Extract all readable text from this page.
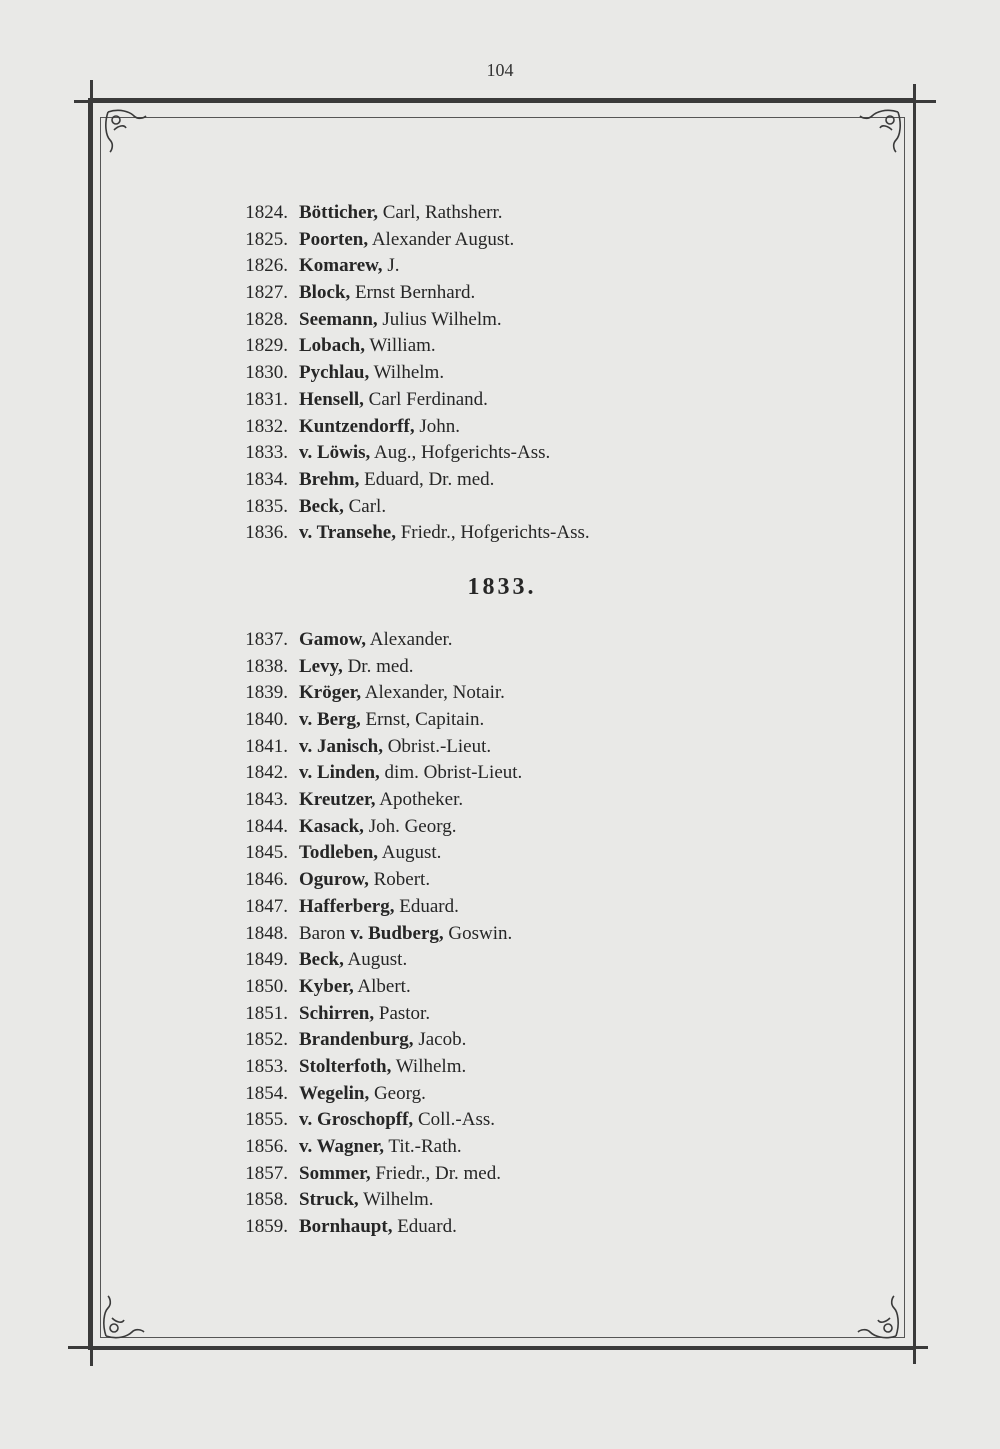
104
1824. Bötticher, Carl, Rathsherr.
1825. Poorten, Alexander August.
1826. Komarew, J.
1827. Block, Ernst Bernhard.
1828. Seemann, Julius Wilhelm.
1829. Lobach, William.
1830. Pychlau, Wilhelm.
1831. Hensell, Carl Ferdinand.
1832. Kuntzendorff, John.
1833. v. Löwis, Aug., Hofgerichts-Ass.
1834. Brehm, Eduard, Dr. med.
1835. Beck, Carl.
1836. v. Transehe, Friedr., Hofgerichts-Ass.
1833.
1837. Gamow, Alexander.
1838. Levy, Dr. med.
1839. Kröger, Alexander, Notair.
1840. v. Berg, Ernst, Capitain.
1841. v. Janisch, Obrist.-Lieut.
1842. v. Linden, dim. Obrist-Lieut.
1843. Kreutzer, Apotheker.
1844. Kasack, Joh. Georg.
1845. Todleben, August.
1846. Ogurow, Robert.
1847. Hafferberg, Eduard.
1848. Baron v. Budberg, Goswin.
1849. Beck, August.
1850. Kyber, Albert.
1851. Schirren, Pastor.
1852. Brandenburg, Jacob.
1853. Stolterfoth, Wilhelm.
1854. Wegelin, Georg.
1855. v. Groschopff, Coll.-Ass.
1856. v. Wagner, Tit.-Rath.
1857. Sommer, Friedr., Dr. med.
1858. Struck, Wilhelm.
1859. Bornhaupt, Eduard.
